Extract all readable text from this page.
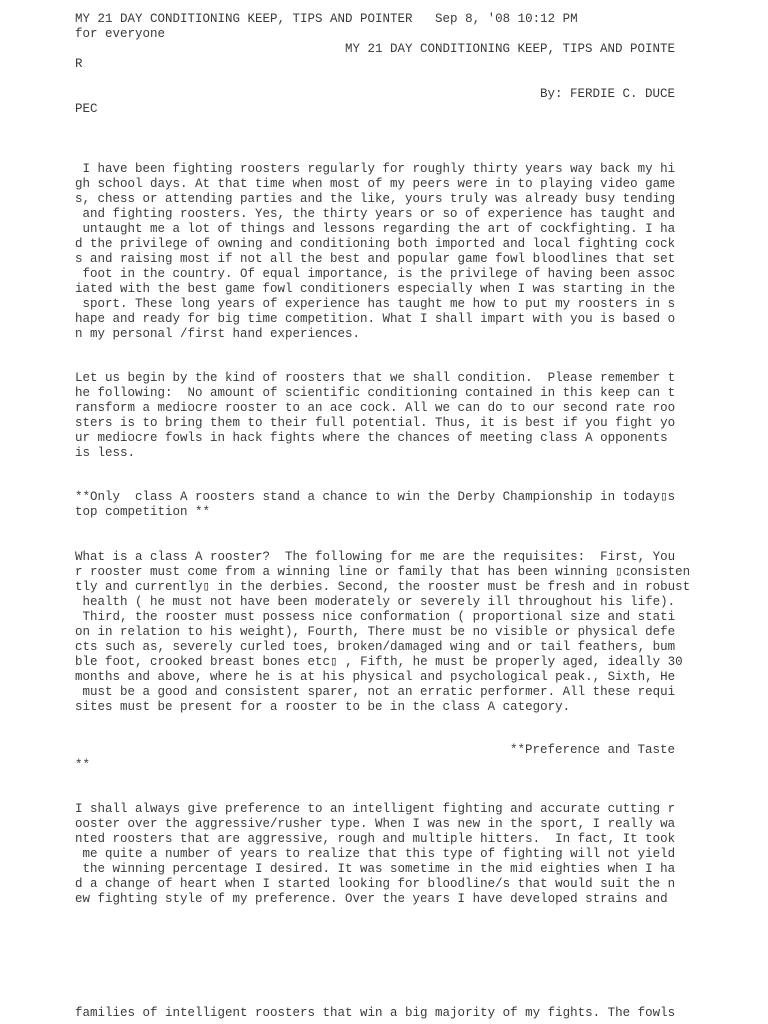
MY 21 DAY CONDITIONING KEEP, TIPS AND POINTER   Sep 8, '08 10:12 PM
for everyone
MY 21 DAY CONDITIONING KEEP, TIPS AND POINTE
R
By: FERDIE C. DUCE
PEC
I have been fighting roosters regularly for roughly thirty years way back my hi
gh school days. At that time when most of my peers were in to playing video game
s, chess or attending parties and the like, yours truly was already busy tending
and fighting roosters. Yes, the thirty years or so of experience has taught and
untaught me a lot of things and lessons regarding the art of cockfighting. I ha
d the privilege of owning and conditioning both imported and local fighting cock
s and raising most if not all the best and popular game fowl bloodlines that set
foot in the country. Of equal importance, is the privilege of having been assoc
iated with the best game fowl conditioners especially when I was starting in the
sport. These long years of experience has taught me how to put my roosters in s
hape and ready for big time competition. What I shall impart with you is based o
n my personal /first hand experiences.
Let us begin by the kind of roosters that we shall condition.  Please remember t
he following:  No amount of scientific conditioning contained in this keep can t
ransform a mediocre rooster to an ace cock. All we can do to our second rate roo
sters is to bring them to their full potential. Thus, it is best if you fight yo
ur mediocre fowls in hack fights where the chances of meeting class A opponents
is less.
**Only  class A roosters stand a chance to win the Derby Championship in today▯s
top competition **
What is a class A rooster?  The following for me are the requisites:  First, You
r rooster must come from a winning line or family that has been winning ▯consisten
tly and currently▯ in the derbies. Second, the rooster must be fresh and in robust
health ( he must not have been moderately or severely ill throughout his life).
Third, the rooster must possess nice conformation ( proportional size and stati
on in relation to his weight), Fourth, There must be no visible or physical defe
cts such as, severely curled toes, broken/damaged wing and or tail feathers, bum
ble foot, crooked breast bones etc▯ , Fifth, he must be properly aged, ideally 30
months and above, where he is at his physical and psychological peak., Sixth, He
must be a good and consistent sparer, not an erratic performer. All these requi
sites must be present for a rooster to be in the class A category.
**Preference and Taste
**
I shall always give preference to an intelligent fighting and accurate cutting r
ooster over the aggressive/rusher type. When I was new in the sport, I really wa
nted roosters that are aggressive, rough and multiple hitters.  In fact, It took
me quite a number of years to realize that this type of fighting will not yield
the winning percentage I desired. It was sometime in the mid eighties when I ha
d a change of heart when I started looking for bloodline/s that would suit the n
ew fighting style of my preference. Over the years I have developed strains and
families of intelligent roosters that win a big majority of my fights. The fowls
